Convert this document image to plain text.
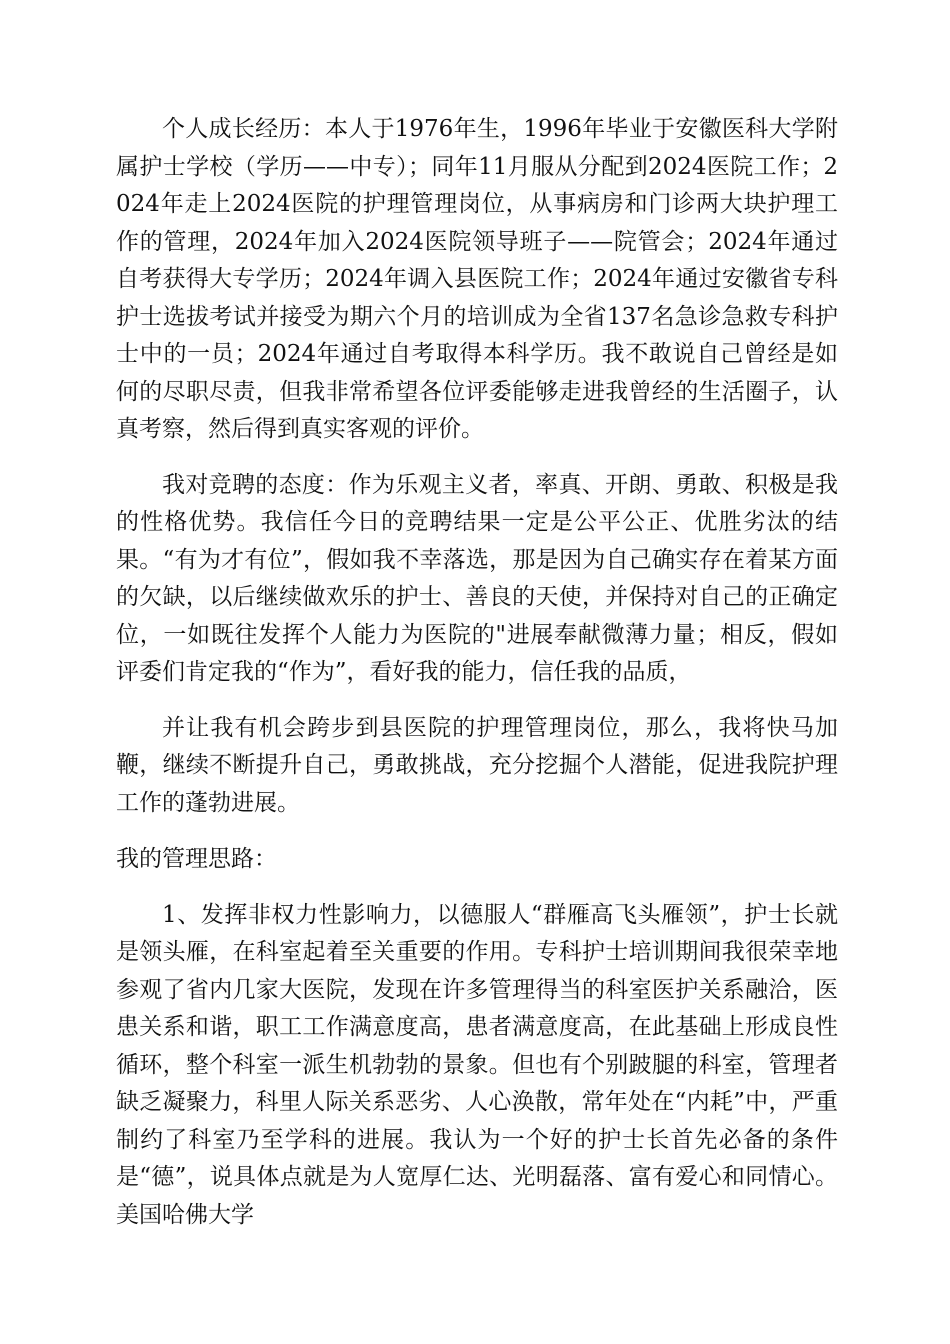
个人成长经历：本人于1976年生，1996年毕业于安徽医科大学附属护士学校（学历——中专）；同年11月服从分配到2024医院工作；2024年走上2024医院的护理管理岗位，从事病房和门诊两大块护理工作的管理，2024年加入2024医院领导班子——院管会；2024年通过自考获得大专学历；2024年调入县医院工作；2024年通过安徽省专科护士选拔考试并接受为期六个月的培训成为全省137名急诊急救专科护士中的一员；2024年通过自考取得本科学历。我不敢说自己曾经是如何的尽职尽责，但我非常希望各位评委能够走进我曾经的生活圈子，认真考察，然后得到真实客观的评价。

我对竞聘的态度：作为乐观主义者，率真、开朗、勇敢、积极是我的性格优势。我信任今日的竞聘结果一定是公平公正、优胜劣汰的结果。“有为才有位”，假如我不幸落选，那是因为自己确实存在着某方面的欠缺，以后继续做欢乐的护士、善良的天使，并保持对自己的正确定位，一如既往发挥个人能力为医院的"进展奉献微薄力量；相反，假如评委们肯定我的“作为”，看好我的能力，信任我的品质，

并让我有机会跨步到县医院的护理管理岗位，那么，我将快马加鞭，继续不断提升自己，勇敢挑战，充分挖掘个人潜能，促进我院护理工作的蓬勃进展。

我的管理思路：

1、发挥非权力性影响力，以德服人“群雁高飞头雁领”，护士长就是领头雁，在科室起着至关重要的作用。专科护士培训期间我很荣幸地参观了省内几家大医院，发现在许多管理得当的科室医护关系融洽，医患关系和谐，职工工作满意度高，患者满意度高，在此基础上形成良性循环，整个科室一派生机勃勃的景象。但也有个别跛腿的科室，管理者缺乏凝聚力，科里人际关系恶劣、人心涣散，常年处在“内耗”中，严重制约了科室乃至学科的进展。我认为一个好的护士长首先必备的条件是“德”，说具体点就是为人宽厚仁达、光明磊落、富有爱心和同情心。美国哈佛大学
